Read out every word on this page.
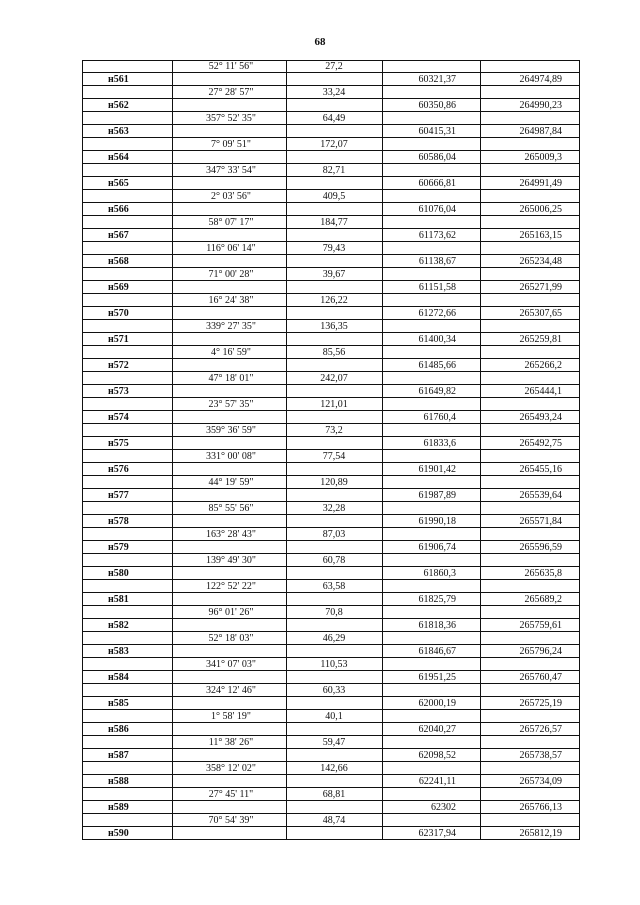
68
52° 11' 56"	27,2
н561	60321,37	264974,89
27° 28' 57"	33,24
н562	60350,86	264990,23
357° 52' 35"	64,49
н563	60415,31	264987,84
7° 09' 51"	172,07
н564	60586,04	265009,3
347° 33' 54"	82,71
н565	60666,81	264991,49
2° 03' 56"	409,5
н566	61076,04	265006,25
58° 07' 17"	184,77
н567	61173,62	265163,15
116° 06' 14"	79,43
н568	61138,67	265234,48
71° 00' 28"	39,67
н569	61151,58	265271,99
16° 24' 38"	126,22
н570	61272,66	265307,65
339° 27' 35"	136,35
н571	61400,34	265259,81
4° 16' 59"	85,56
н572	61485,66	265266,2
47° 18' 01"	242,07
н573	61649,82	265444,1
23° 57' 35"	121,01
н574	61760,4	265493,24
359° 36' 59"	73,2
н575	61833,6	265492,75
331° 00' 08"	77,54
н576	61901,42	265455,16
44° 19' 59"	120,89
н577	61987,89	265539,64
85° 55' 56"	32,28
н578	61990,18	265571,84
163° 28' 43"	87,03
н579	61906,74	265596,59
139° 49' 30"	60,78
н580	61860,3	265635,8
122° 52' 22"	63,58
н581	61825,79	265689,2
96° 01' 26"	70,8
н582	61818,36	265759,61
52° 18' 03"	46,29
н583	61846,67	265796,24
341° 07' 03"	110,53
н584	61951,25	265760,47
324° 12' 46"	60,33
н585	62000,19	265725,19
1° 58' 19"	40,1
н586	62040,27	265726,57
11° 38' 26"	59,47
н587	62098,52	265738,57
358° 12' 02"	142,66
н588	62241,11	265734,09
27° 45' 11"	68,81
н589	62302	265766,13
70° 54' 39"	48,74
н590	62317,94	265812,19
